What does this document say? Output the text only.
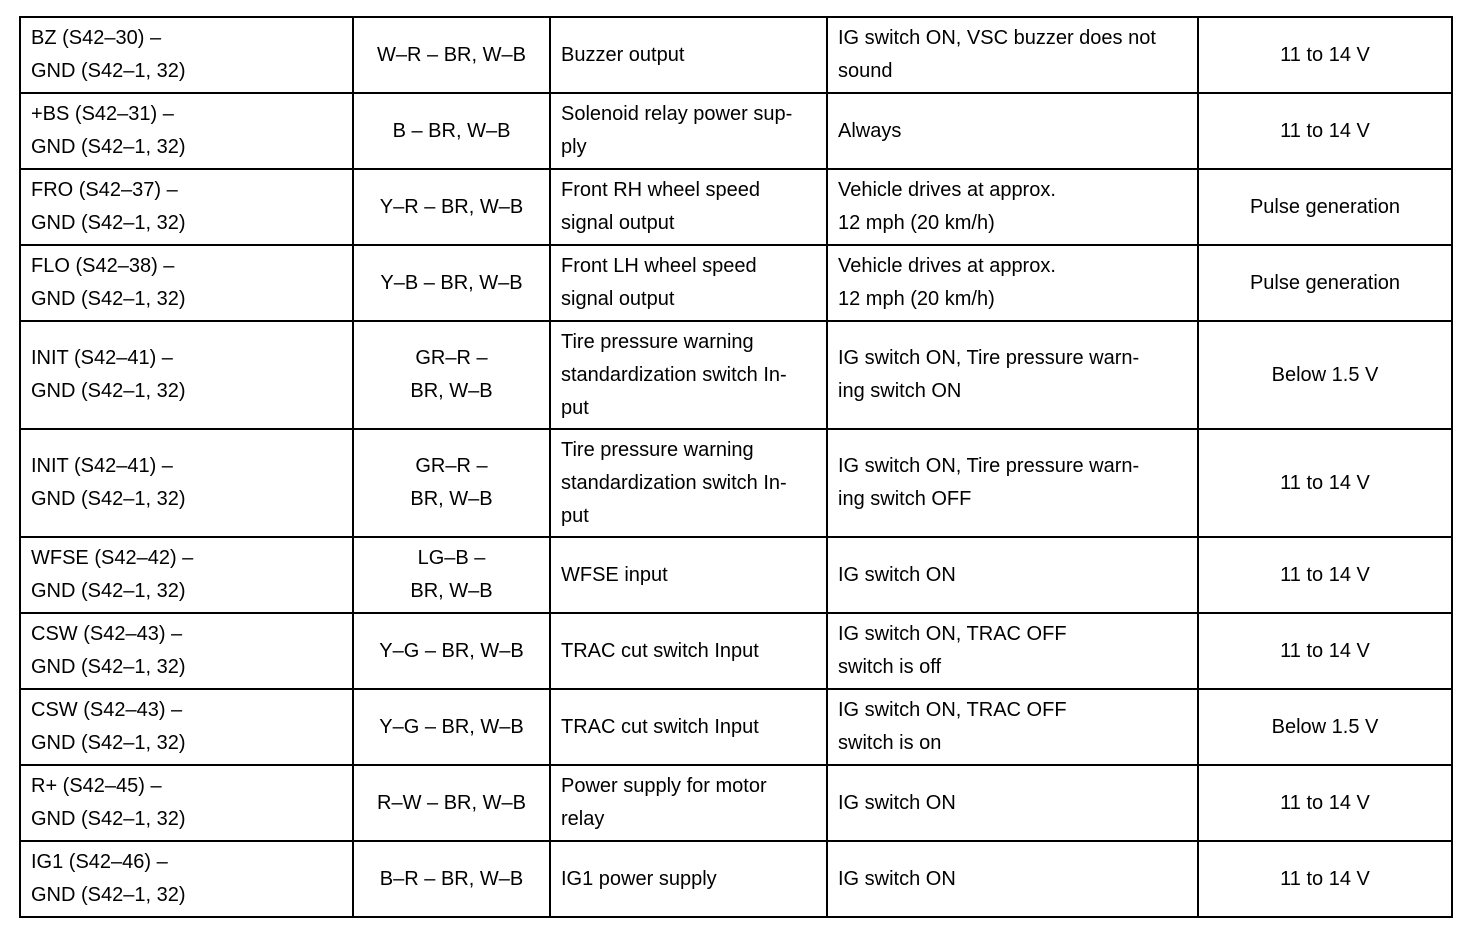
BZ (S42–30) –
GND (S42–1, 32)	W–R – BR, W–B	Buzzer output	IG switch ON, VSC buzzer does not
sound	11 to 14 V

+BS (S42–31) –
GND (S42–1, 32)	B – BR, W–B	Solenoid relay power sup-
ply	Always	11 to 14 V

FRO (S42–37) –
GND (S42–1, 32)	Y–R – BR, W–B	Front RH wheel speed
signal output	Vehicle drives at approx.
12 mph (20 km/h)	Pulse generation

FLO (S42–38) –
GND (S42–1, 32)	Y–B – BR, W–B	Front LH wheel speed
signal output	Vehicle drives at approx.
12 mph (20 km/h)	Pulse generation

INIT (S42–41) –
GND (S42–1, 32)	GR–R –
BR, W–B	Tire pressure warning
standardization switch In-
put	IG switch ON, Tire pressure warn-
ing switch ON	Below 1.5 V

INIT (S42–41) –
GND (S42–1, 32)	GR–R –
BR, W–B	Tire pressure warning
standardization switch In-
put	IG switch ON, Tire pressure warn-
ing switch OFF	11 to 14 V

WFSE (S42–42) –
GND (S42–1, 32)	LG–B –
BR, W–B	WFSE input	IG switch ON	11 to 14 V

CSW (S42–43) –
GND (S42–1, 32)	Y–G – BR, W–B	TRAC cut switch Input	IG switch ON, TRAC OFF
switch is off	11 to 14 V

CSW (S42–43) –
GND (S42–1, 32)	Y–G – BR, W–B	TRAC cut switch Input	IG switch ON, TRAC OFF
switch is on	Below 1.5 V

R+ (S42–45) –
GND (S42–1, 32)	R–W – BR, W–B	Power supply for motor
relay	IG switch ON	11 to 14 V

IG1 (S42–46) –
GND (S42–1, 32)	B–R – BR, W–B	IG1 power supply	IG switch ON	11 to 14 V
